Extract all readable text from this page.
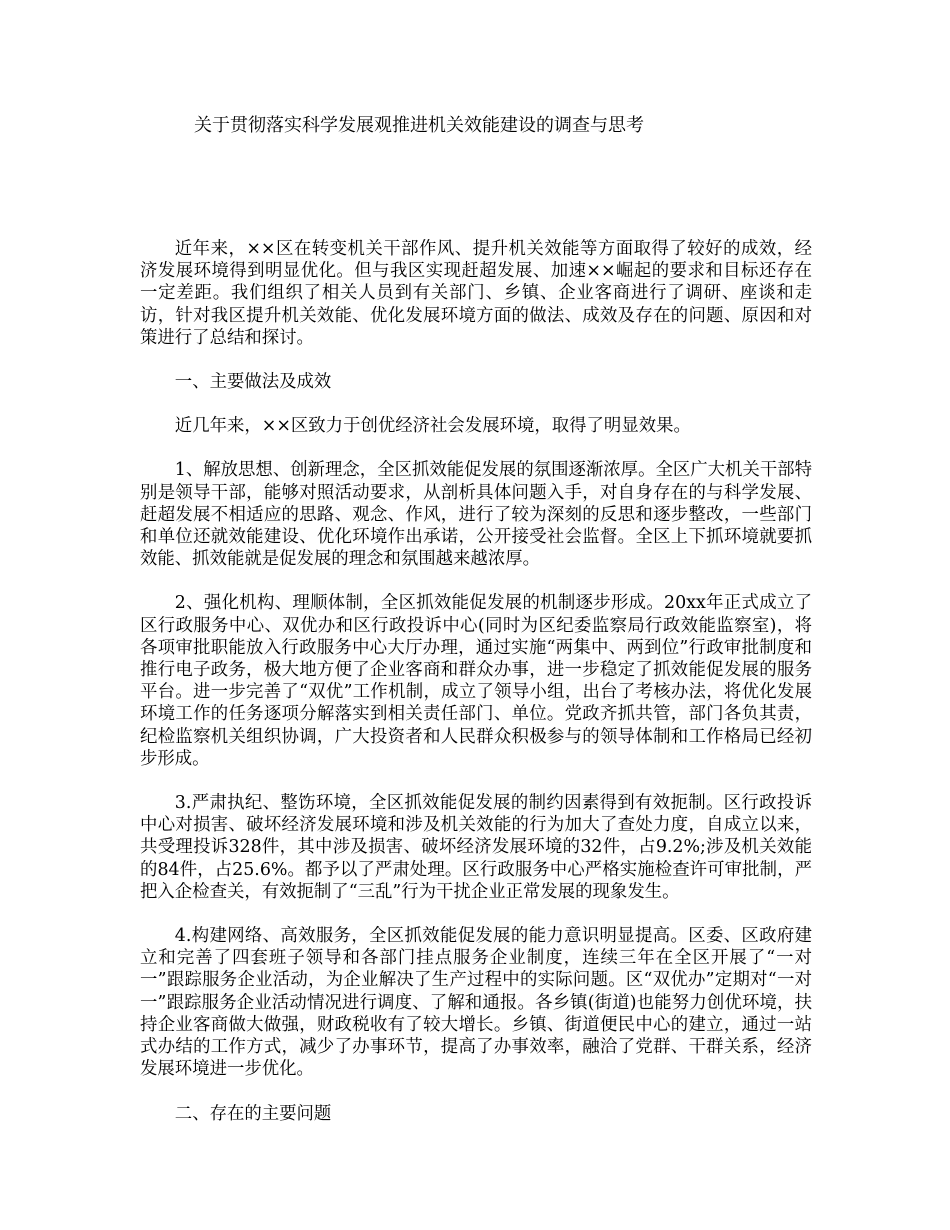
关于贯彻落实科学发展观推进机关效能建设的调查与思考

近年来，××区在转变机关干部作风、提升机关效能等方面取得了较好的成效，经济发展环境得到明显优化。但与我区实现赶超发展、加速××崛起的要求和目标还存在一定差距。我们组织了相关人员到有关部门、乡镇、企业客商进行了调研、座谈和走访，针对我区提升机关效能、优化发展环境方面的做法、成效及存在的问题、原因和对策进行了总结和探讨。

一、主要做法及成效

近几年来，××区致力于创优经济社会发展环境，取得了明显效果。

1、解放思想、创新理念，全区抓效能促发展的氛围逐渐浓厚。全区广大机关干部特别是领导干部，能够对照活动要求，从剖析具体问题入手，对自身存在的与科学发展、赶超发展不相适应的思路、观念、作风，进行了较为深刻的反思和逐步整改，一些部门和单位还就效能建设、优化环境作出承诺，公开接受社会监督。全区上下抓环境就要抓效能、抓效能就是促发展的理念和氛围越来越浓厚。

2、强化机构、理顺体制，全区抓效能促发展的机制逐步形成。20xx年正式成立了区行政服务中心、双优办和区行政投诉中心(同时为区纪委监察局行政效能监察室)，将各项审批职能放入行政服务中心大厅办理，通过实施“两集中、两到位”行政审批制度和推行电子政务，极大地方便了企业客商和群众办事，进一步稳定了抓效能促发展的服务平台。进一步完善了“双优”工作机制，成立了领导小组，出台了考核办法，将优化发展环境工作的任务逐项分解落实到相关责任部门、单位。党政齐抓共管，部门各负其责，纪检监察机关组织协调，广大投资者和人民群众积极参与的领导体制和工作格局已经初步形成。

3.严肃执纪、整饬环境，全区抓效能促发展的制约因素得到有效扼制。区行政投诉中心对损害、破坏经济发展环境和涉及机关效能的行为加大了查处力度，自成立以来，共受理投诉328件，其中涉及损害、破坏经济发展环境的32件，占9.2%;涉及机关效能的84件，占25.6%。都予以了严肃处理。区行政服务中心严格实施检查许可审批制，严把入企检查关，有效扼制了“三乱”行为干扰企业正常发展的现象发生。

4.构建网络、高效服务，全区抓效能促发展的能力意识明显提高。区委、区政府建立和完善了四套班子领导和各部门挂点服务企业制度，连续三年在全区开展了“一对一”跟踪服务企业活动，为企业解决了生产过程中的实际问题。区“双优办”定期对“一对一”跟踪服务企业活动情况进行调度、了解和通报。各乡镇(街道)也能努力创优环境，扶持企业客商做大做强，财政税收有了较大增长。乡镇、街道便民中心的建立，通过一站式办结的工作方式，减少了办事环节，提高了办事效率，融洽了党群、干群关系，经济发展环境进一步优化。

二、存在的主要问题
